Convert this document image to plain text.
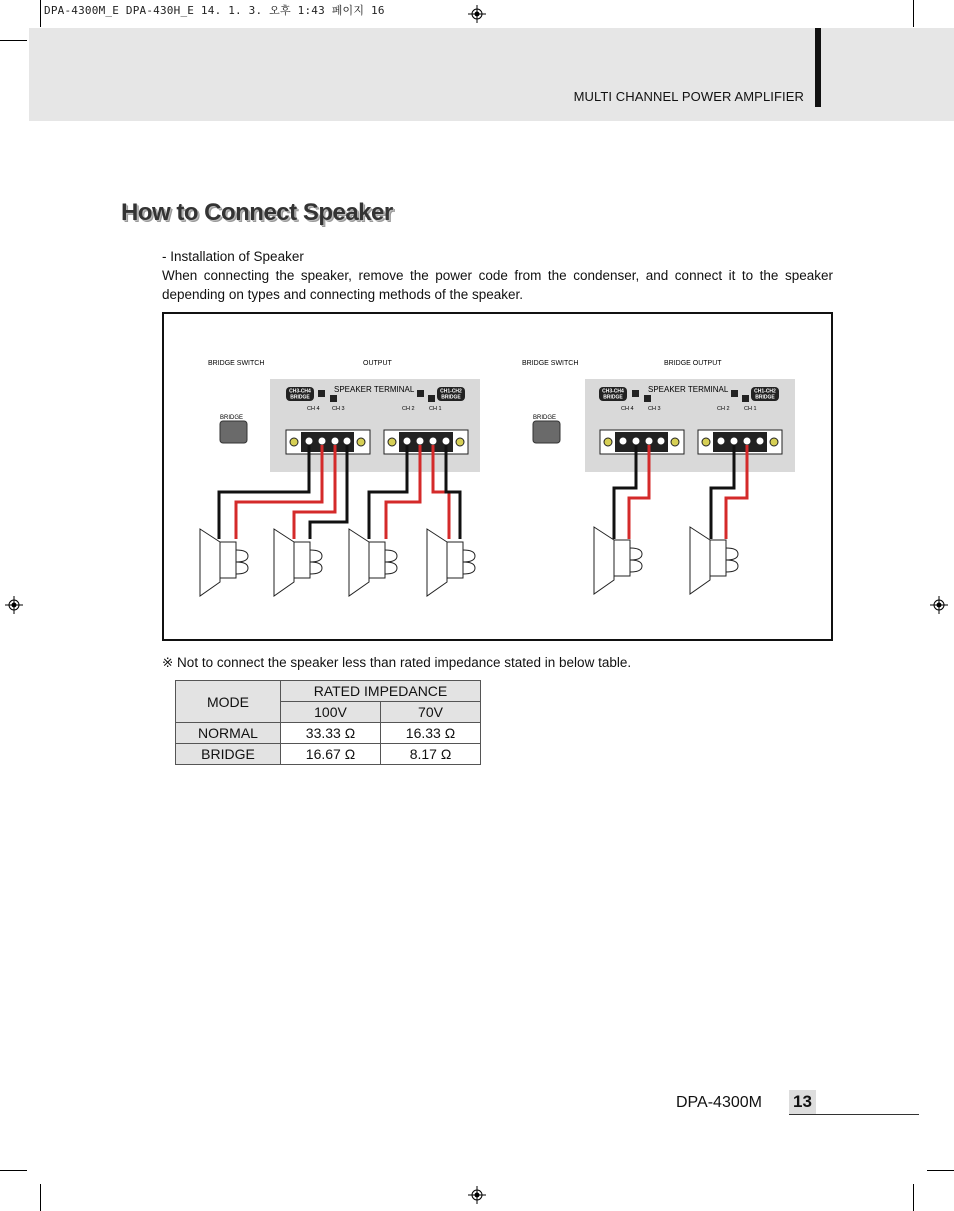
DPA-4300M_E DPA-430H_E 14. 1. 3. 오후 1:43 페이지 16
MULTI CHANNEL POWER AMPLIFIER
How to Connect Speaker
- Installation of Speaker
When connecting the speaker, remove the power code from the condenser, and connect it to the speaker depending on types and connecting methods of the speaker.
BRIDGE SWITCH	OUTPUT
BRIDGE
CH3-CH4
BRIDGE
SPEAKER TERMINAL	CH1-CH2
BRIDGE
CH 4 CH 3	CH 2	CH 1
BRIDGE SWITCH	BRIDGE OUTPUT
BRIDGE
CH3-CH4
BRIDGE
SPEAKER TERMINAL	CH1-CH2
BRIDGE
CH 4	CH 3	CH 2	CH 1
※ Not to connect the speaker less than rated impedance stated in below table.
MODE	RATED IMPEDANCE	
	100V	70V
NORMAL	33.33 Ω	16.33 Ω
BRIDGE	16.67 Ω	8.17 Ω
DPA-4300M 13
